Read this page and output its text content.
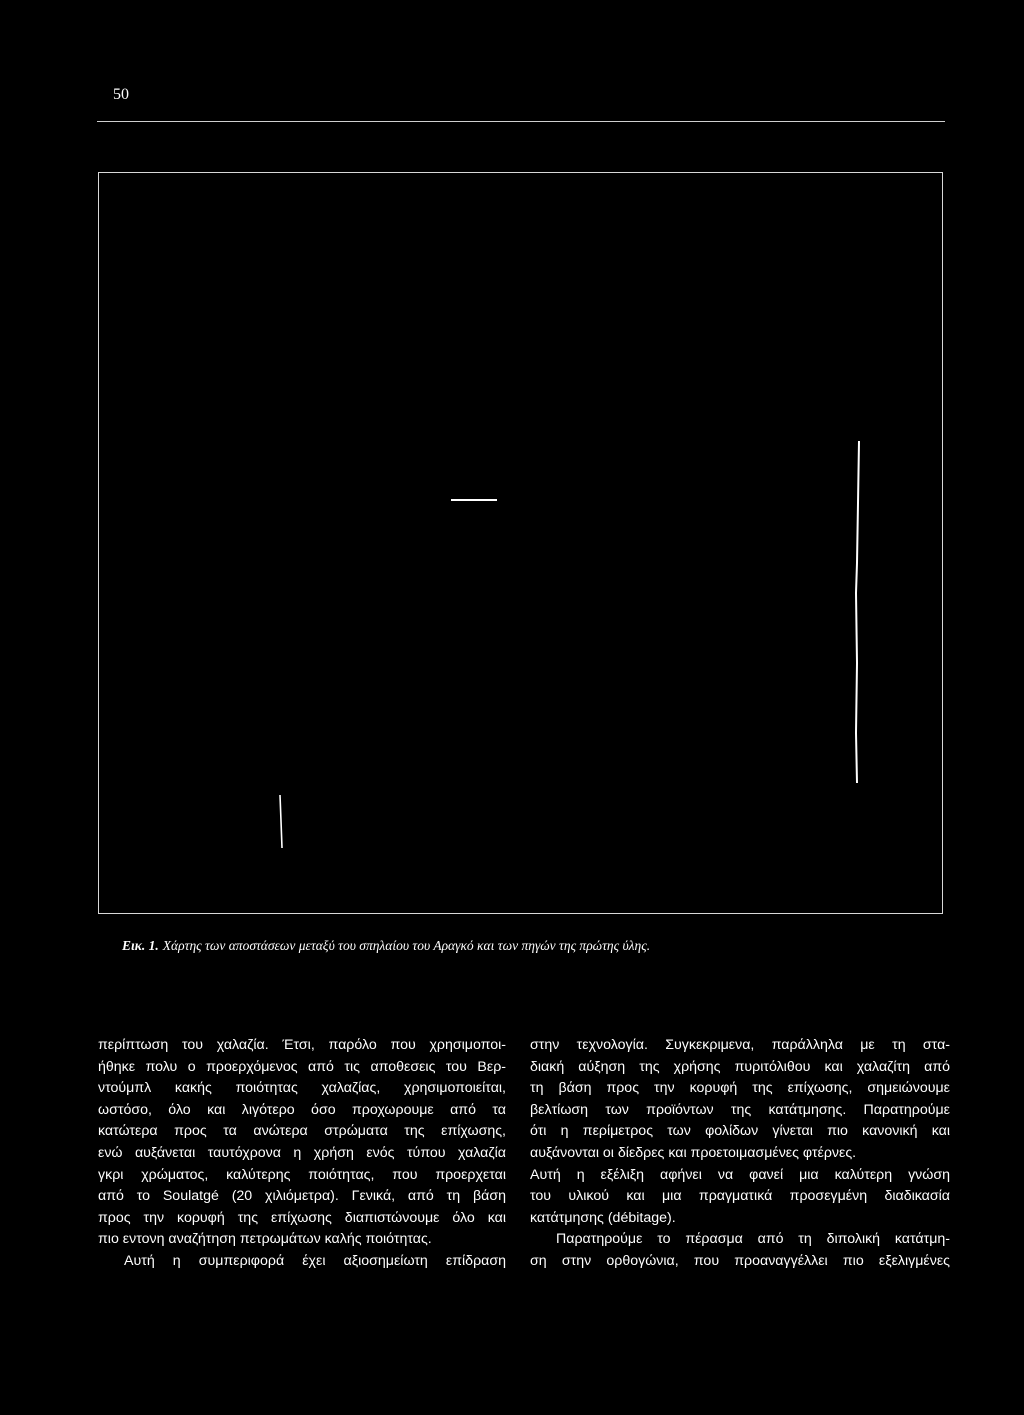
50
Εικ. 1. Χάρτης των αποστάσεων μεταξύ του σπηλαίου του Αραγκό και των πηγών της πρώτης ύλης.
περίπτωση του χαλαζία. Έτσι, παρόλο που χρησιμοποι-
ήθηκε πολυ ο προερχόμενος από τις αποθεσεις του Βερ-
ντούμπλ κακής ποιότητας χαλαζίας, χρησιμοποιείται,
ωστόσο, όλο και λιγότερο όσο προχωρουμε από τα
κατώτερα προς τα ανώτερα στρώματα της επίχωσης,
ενώ αυξάνεται ταυτόχρονα η χρήση ενός τύπου χαλαζία
γκρι χρώματος, καλύτερης ποιότητας, που προερχεται
από το Soulatgé (20 χιλιόμετρα). Γενικά, από τη βάση
προς την κορυφή της επίχωσης διαπιστώνουμε όλο και
πιο εντονη αναζήτηση πετρωμάτων καλής ποιότητας.
Αυτή η συμπεριφορά έχει αξιοσημείωτη επίδραση
στην τεχνολογία. Συγκεκριμενα, παράλληλα με τη στα-
διακή αύξηση της χρήσης πυριτόλιθου και χαλαζίτη από
τη βάση προς την κορυφή της επίχωσης, σημειώνουμε
βελτίωση των προϊόντων της κατάτμησης. Παρατηρούμε
ότι η περίμετρος των φολίδων γίνεται πιο κανονική και
αυξάνονται οι δίεδρες και προετοιμασμένες φτέρνες.
Αυτή η εξέλιξη αφήνει να φανεί μια καλύτερη γνώση
του υλικού και μια πραγματικά προσεγμένη διαδικασία
κατάτμησης (débitage).
Παρατηρούμε το πέρασμα από τη διπολική κατάτμη-
ση στην ορθογώνια, που προαναγγέλλει πιο εξελιγμένες
